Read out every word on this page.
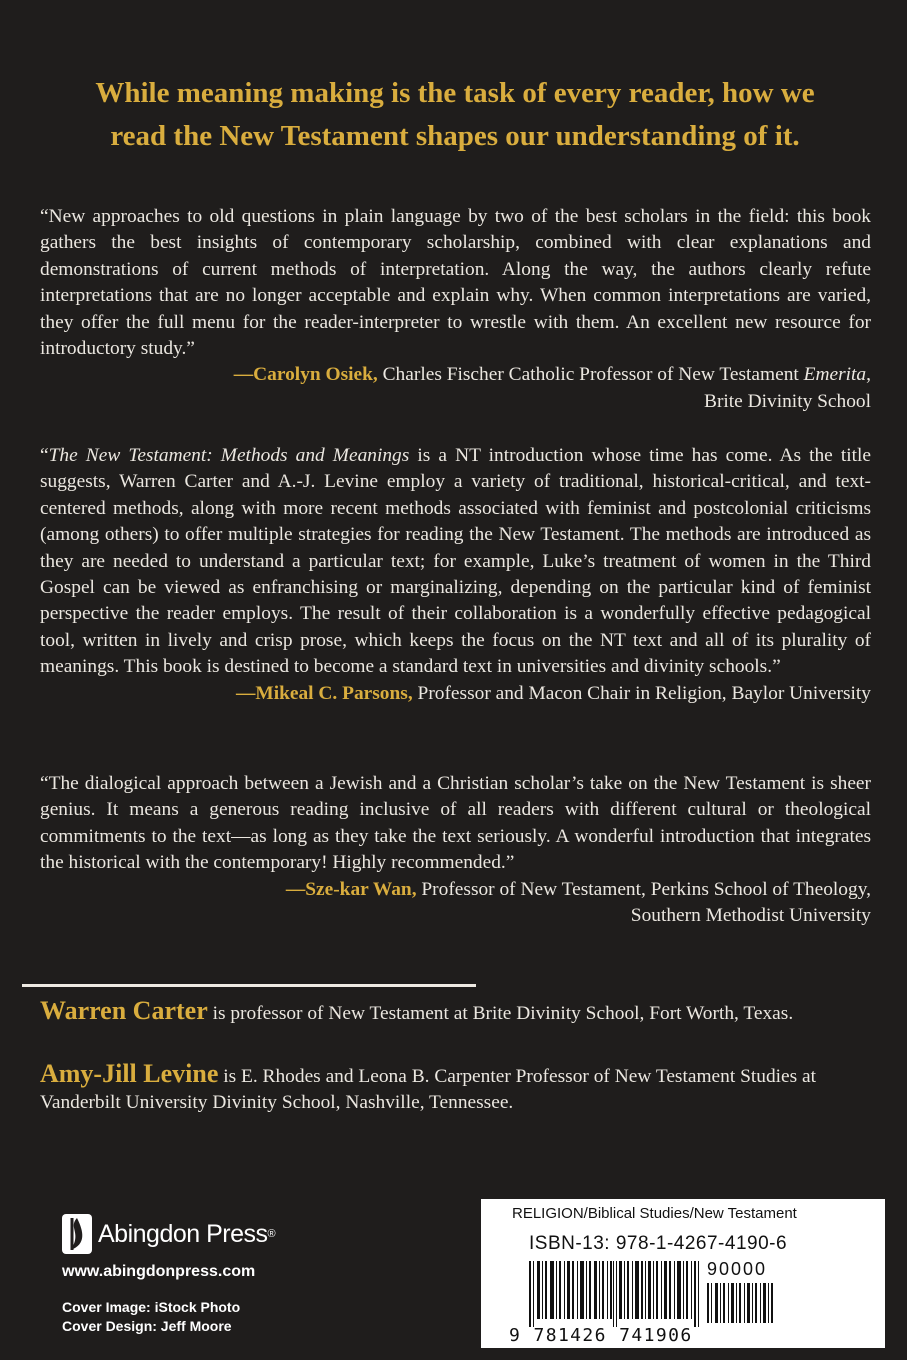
While meaning making is the task of every reader, how we
read the New Testament shapes our understanding of it.
“New approaches to old questions in plain language by two of the best scholars in the field: this book gathers the best insights of contemporary scholarship, combined with clear explanations and demonstrations of current methods of interpretation. Along the way, the authors clearly refute interpretations that are no longer acceptable and explain why. When common interpretations are varied, they offer the full menu for the reader-interpreter to wrestle with them. An excellent new resource for introductory study.”
—Carolyn Osiek, Charles Fischer Catholic Professor of New Testament Emerita,
Brite Divinity School
“The New Testament: Methods and Meanings is a NT introduction whose time has come. As the title suggests, Warren Carter and A.-J. Levine employ a variety of traditional, historical-critical, and text-centered methods, along with more recent methods associated with feminist and postcolonial criticisms (among others) to offer multiple strategies for reading the New Testament. The methods are introduced as they are needed to understand a particular text; for example, Luke’s treatment of women in the Third Gospel can be viewed as enfranchising or marginalizing, depending on the particular kind of feminist perspective the reader employs. The result of their collaboration is a wonderfully effective pedagogical tool, written in lively and crisp prose, which keeps the focus on the NT text and all of its plurality of meanings. This book is destined to become a standard text in universities and divinity schools.”
—Mikeal C. Parsons, Professor and Macon Chair in Religion, Baylor University
“The dialogical approach between a Jewish and a Christian scholar’s take on the New Testament is sheer genius. It means a generous reading inclusive of all readers with different cultural or theological commitments to the text—as long as they take the text seriously. A wonderful introduction that integrates the historical with the contemporary! Highly recommended.”
—Sze-kar Wan, Professor of New Testament, Perkins School of Theology,
Southern Methodist University
Warren Carter is professor of New Testament at Brite Divinity School, Fort Worth, Texas.
Amy-Jill Levine is E. Rhodes and Leona B. Carpenter Professor of New Testament Studies at Vanderbilt University Divinity School, Nashville, Tennessee.
Abingdon Press ®
www.abingdonpress.com
Cover Image: iStock Photo
Cover Design: Jeff Moore
RELIGION/Biblical Studies/New Testament
ISBN-13: 978-1-4267-4190-6
90000
9 781426 741906
